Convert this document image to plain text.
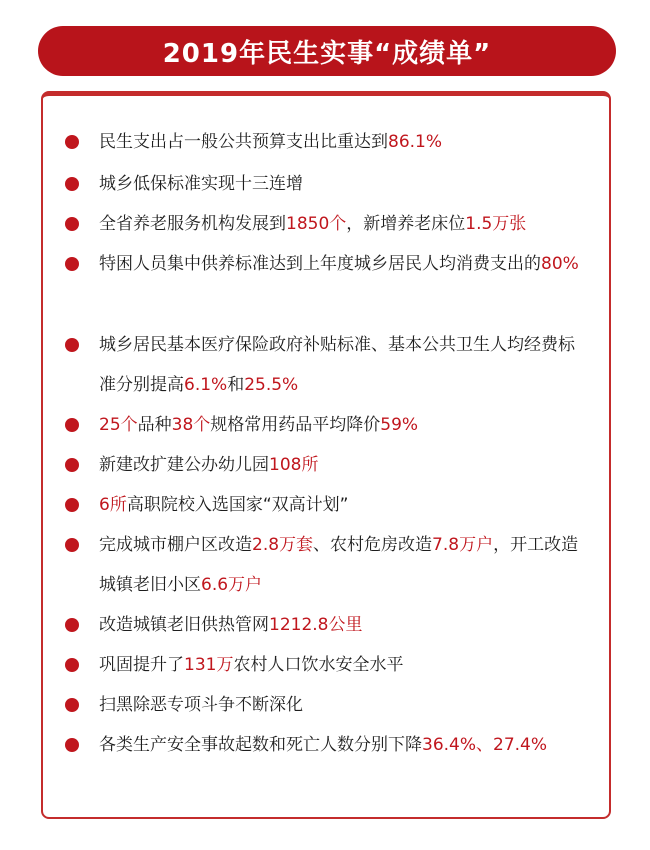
2019年民生实事“成绩单”
民生支出占一般公共预算支出比重达到86.1%
城乡低保标准实现十三连增
全省养老服务机构发展到1850个，新增养老床位1.5万张
特困人员集中供养标准达到上年度城乡居民人均消费支出的80%
城乡居民基本医疗保险政府补贴标准、基本公共卫生人均经费标准分别提高6.1%和25.5%
25个品种38个规格常用药品平均降价59%
新建改扩建公办幼儿园108所
6所高职院校入选国家“双高计划”
完成城市棚户区改造2.8万套、农村危房改造7.8万户，开工改造城镇老旧小区6.6万户
改造城镇老旧供热管网1212.8公里
巩固提升了131万农村人口饮水安全水平
扫黑除恶专项斗争不断深化
各类生产安全事故起数和死亡人数分别下降36.4%、27.4%
